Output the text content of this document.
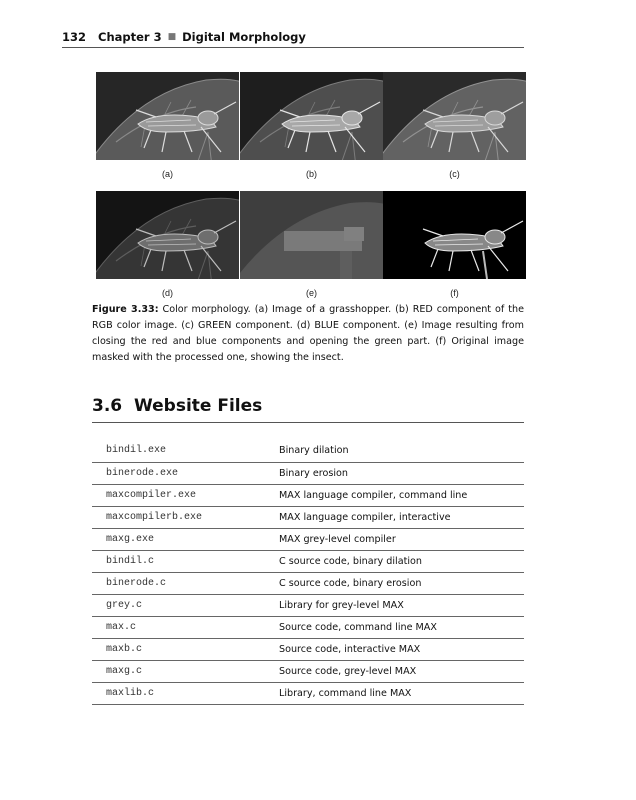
132 Chapter 3 ■ Digital Morphology
(a)	(b)	(c)
(d)	(e)	(f)
Figure 3.33: Color morphology. (a) Image of a grasshopper. (b) RED component of the RGB color image. (c) GREEN component. (d) BLUE component. (e) Image resulting from closing the red and blue components and opening the green part. (f) Original image masked with the processed one, showing the insect.
3.6 Website Files
bindil.exe	Binary dilation
binerode.exe	Binary erosion
maxcompiler.exe	MAX language compiler, command line
maxcompilerb.exe	MAX language compiler, interactive
maxg.exe	MAX grey-level compiler
bindil.c	C source code, binary dilation
binerode.c	C source code, binary erosion
grey.c	Library for grey-level MAX
max.c	Source code, command line MAX
maxb.c	Source code, interactive MAX
maxg.c	Source code, grey-level MAX
maxlib.c	Library, command line MAX
